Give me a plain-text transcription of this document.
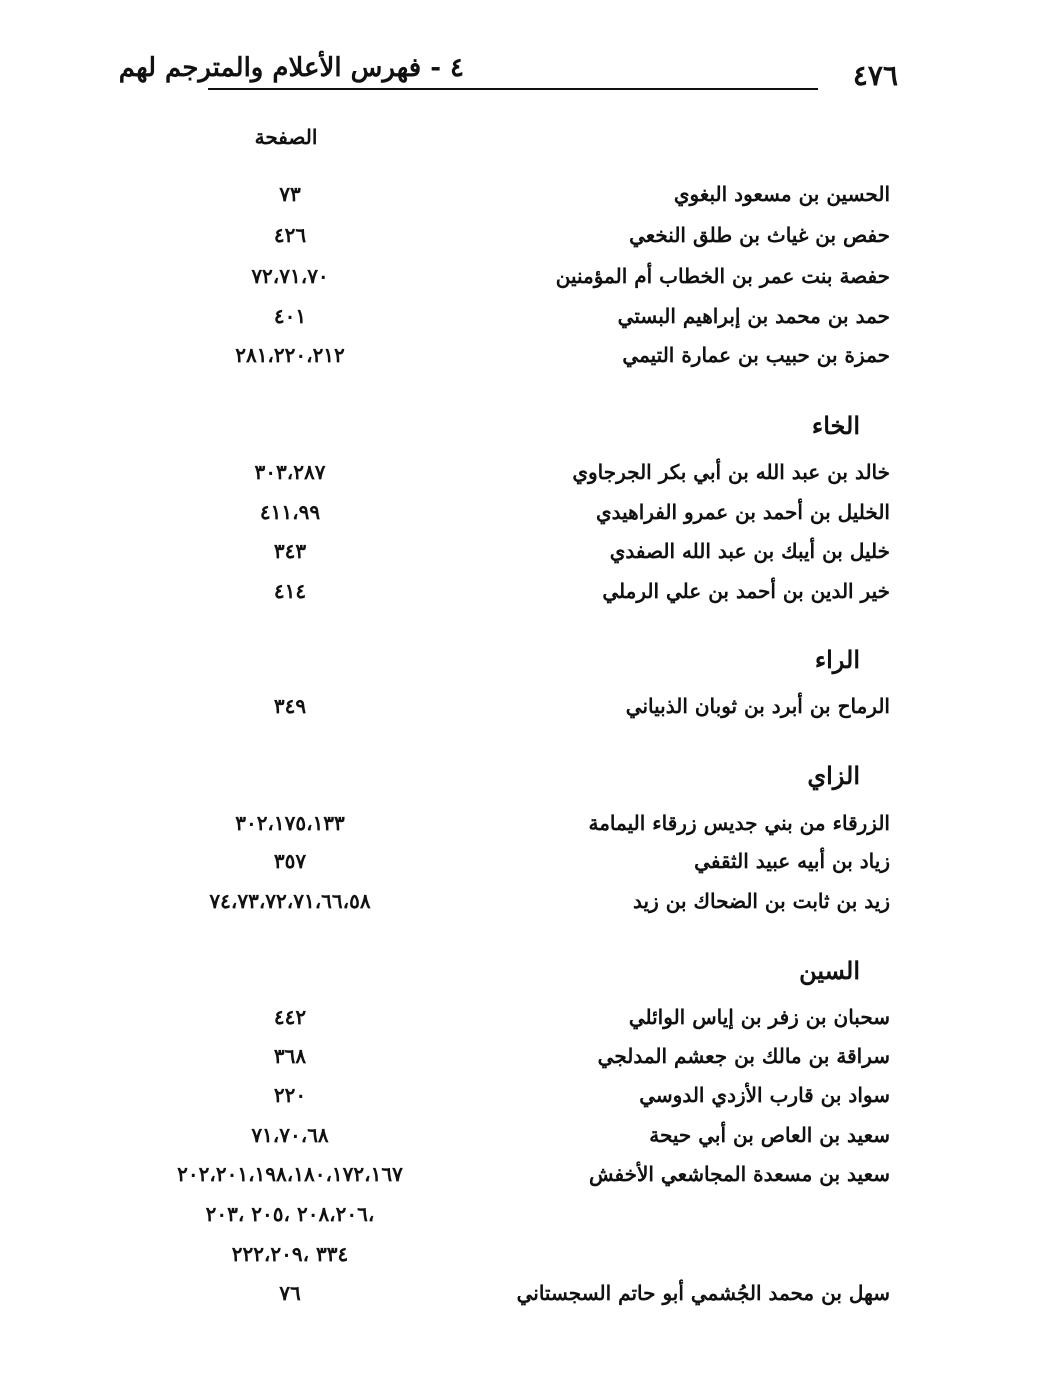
٤٧٦
٤ - فهرس الأعلام والمترجم لهم
الصفحة
الحسين بن مسعود البغوي
٧٣
حفص بن غياث بن طلق النخعي
٤٢٦
حفصة بنت عمر بن الخطاب أم المؤمنين
٧٢،٧١،٧٠
حمد بن محمد بن إبراهيم البستي
٤٠١
حمزة بن حبيب بن عمارة التيمي
٢٨١،٢٢٠،٢١٢
الخاء
خالد بن عبد الله بن أبي بكر الجرجاوي
٣٠٣،٢٨٧
الخليل بن أحمد بن عمرو الفراهيدي
٤١١،٩٩
خليل بن أيبك بن عبد الله الصفدي
٣٤٣
خير الدين بن أحمد بن علي الرملي
٤١٤
الراء
الرماح بن أبرد بن ثوبان الذبياني
٣٤٩
الزاي
الزرقاء من بني جديس زرقاء اليمامة
٣٠٢،١٧٥،١٣٣
زياد بن أبيه عبيد الثقفي
٣٥٧
زيد بن ثابت بن الضحاك بن زيد
٧٤،٧٣،٧٢،٧١،٦٦،٥٨
السين
سحبان بن زفر بن إياس الوائلي
٤٤٢
سراقة بن مالك بن جعشم المدلجي
٣٦٨
سواد بن قارب الأزدي الدوسي
٢٢٠
سعيد بن العاص بن أبي حيحة
٧١،٧٠،٦٨
سعيد بن مسعدة المجاشعي الأخفش
٢٠٢،٢٠١،١٩٨،١٨٠،١٧٢،١٦٧
،٢٠٨،٢٠٦ ،٢٠٥ ،٢٠٣
٣٣٤ ،٢٢٢،٢٠٩
سهل بن محمد الجُشمي أبو حاتم السجستاني
٧٦
